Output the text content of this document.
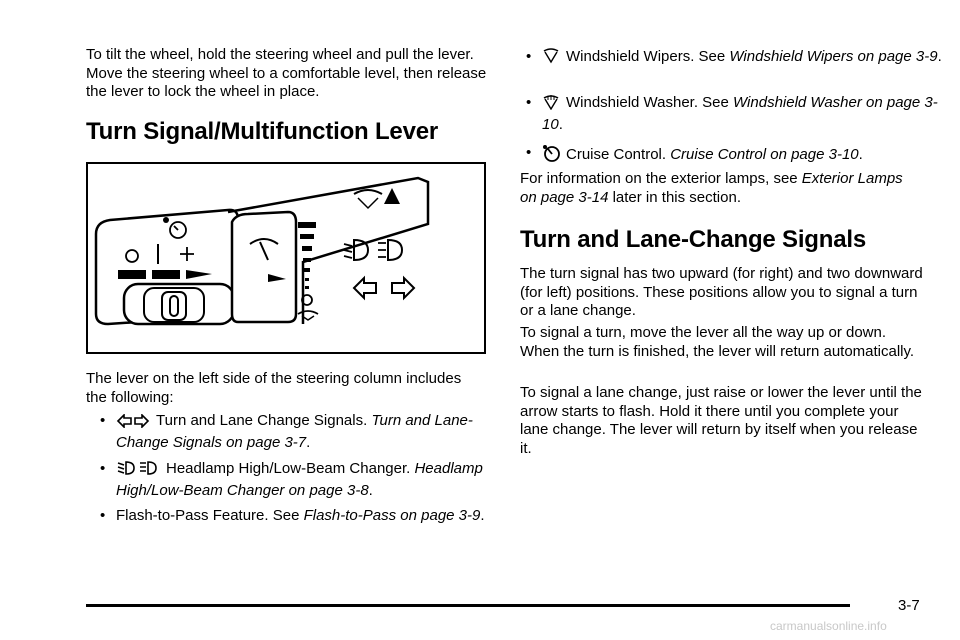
To tilt the wheel, hold the steering wheel and pull the lever. Move the steering wheel to a comfortable level, then release the lever to lock the wheel in place.

Turn Signal/Multifunction Lever

The lever on the left side of the steering column includes the following:

•	Turn and Lane Change Signals. Turn and Lane-Change Signals on page 3-7.
•	Headlamp High/Low-Beam Changer. Headlamp High/Low-Beam Changer on page 3-8.
• Flash-to-Pass Feature. See Flash-to-Pass on page 3-9.
• Windshield Wipers. See Windshield Wipers on page 3-9.
• Windshield Washer. See Windshield Washer on page 3-10.
• Cruise Control. Cruise Control on page 3-10.

For information on the exterior lamps, see Exterior Lamps on page 3-14 later in this section.

Turn and Lane-Change Signals

The turn signal has two upward (for right) and two downward (for left) positions. These positions allow you to signal a turn or a lane change.

To signal a turn, move the lever all the way up or down. When the turn is finished, the lever will return automatically.

To signal a lane change, just raise or lower the lever until the arrow starts to flash. Hold it there until you complete your lane change. The lever will return by itself when you release it.

3-7
carmanualsonline.info
